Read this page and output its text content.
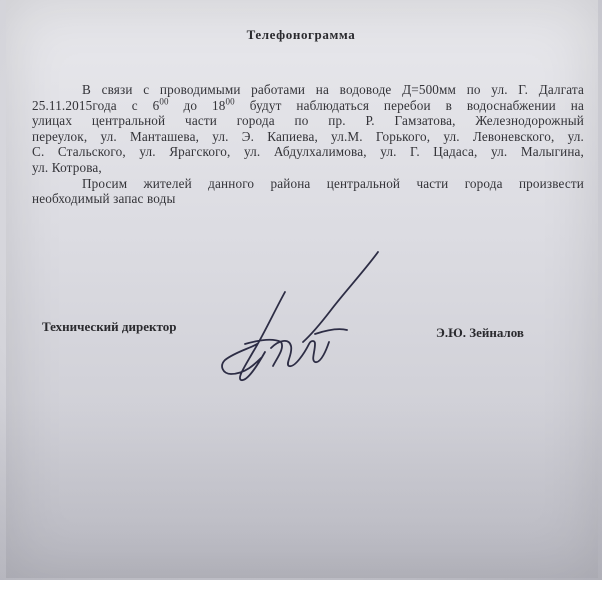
Телефонограмма
В связи с проводимыми работами на водоводе Д=500мм по ул. Г. Далгата
25.11.2015года с $6^{00}$ до $18^{00}$ будут наблюдаться перебои в водоснабжении на
улицах центральной части города по пр. Р. Гамзатова, Железнодорожный
переулок, ул. Манташева, ул. Э. Капиева, ул.М. Горького, ул. Левоневского, ул.
С. Стальского, ул. Ярагского, ул. Абдулхалимова, ул. Г. Цадаса, ул. Малыгина,
ул. Котрова,
Просим жителей данного района центральной части города произвести
необходимый запас воды
Технический директор	Э.Ю. Зейналов
